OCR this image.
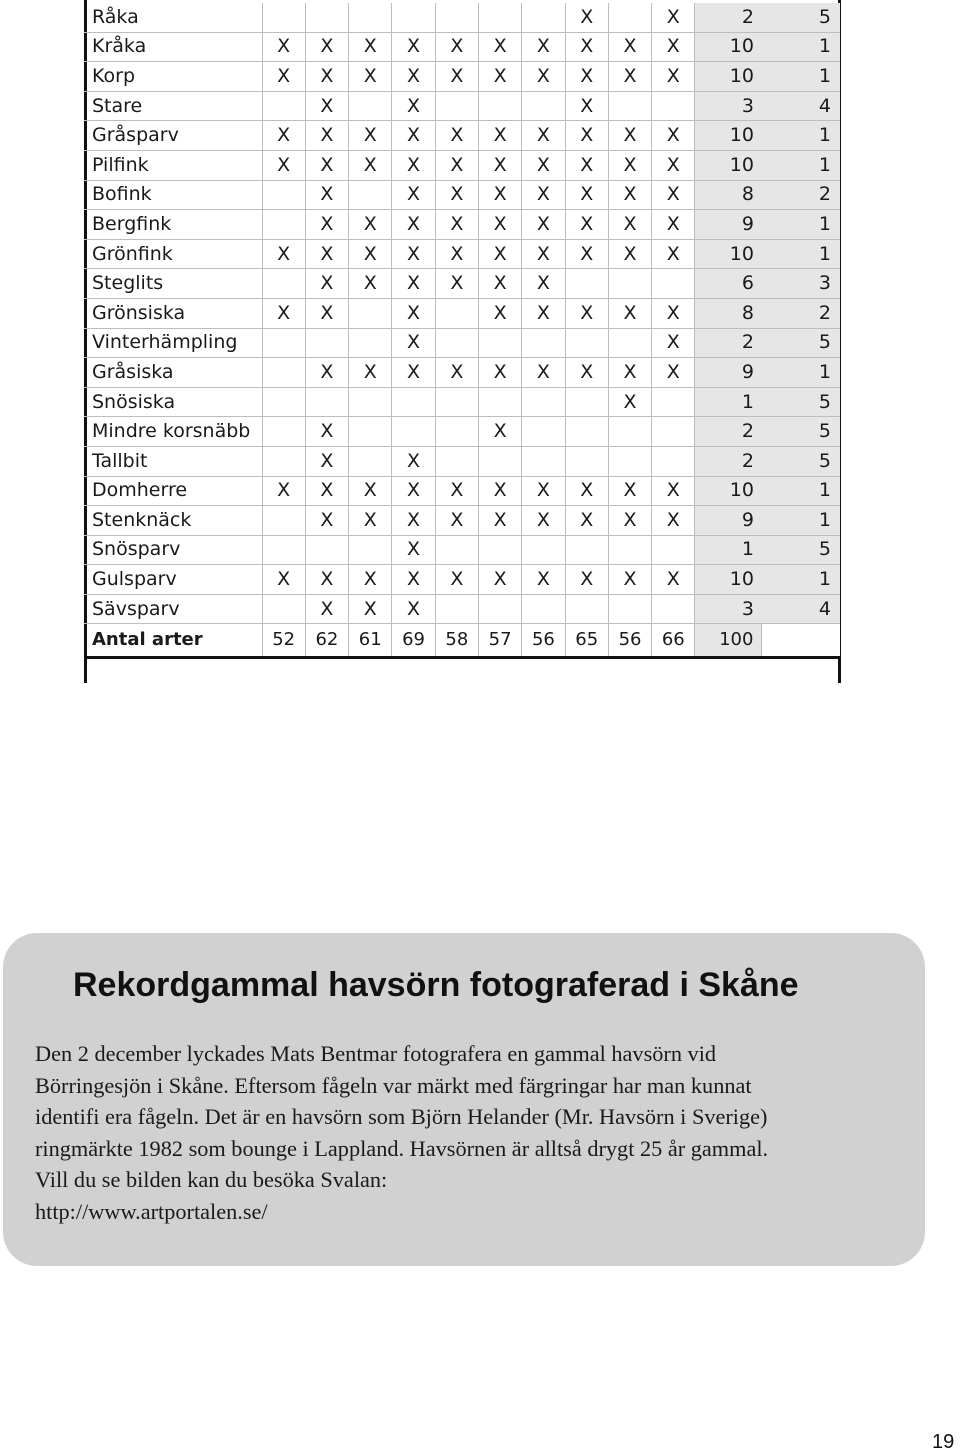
Råka								X		X	2	5
Kråka	X	X	X	X	X	X	X	X	X	X	10	1
Korp	X	X	X	X	X	X	X	X	X	X	10	1
Stare		X		X				X			3	4
Gråsparv	X	X	X	X	X	X	X	X	X	X	10	1
Pilfink	X	X	X	X	X	X	X	X	X	X	10	1
Bofink		X		X	X	X	X	X	X	X	8	2
Bergfink		X	X	X	X	X	X	X	X	X	9	1
Grönfink	X	X	X	X	X	X	X	X	X	X	10	1
Steglits		X	X	X	X	X	X				6	3
Grönsiska	X	X		X		X	X	X	X	X	8	2
Vinterhämpling				X						X	2	5
Gråsiska		X	X	X	X	X	X	X	X	X	9	1
Snösiska									X		1	5
Mindre korsnäbb		X				X					2	5
Tallbit		X		X							2	5
Domherre	X	X	X	X	X	X	X	X	X	X	10	1
Stenknäck		X	X	X	X	X	X	X	X	X	9	1
Snösparv				X							1	5
Gulsparv	X	X	X	X	X	X	X	X	X	X	10	1
Sävsparv		X	X	X							3	4
Antal arter	52	62	61	69	58	57	56	65	56	66	100	
Rekordgammal havsörn fotograferad i Skåne
Den 2 december lyckades Mats Bentmar fotografera en gammal havsörn vid
Börringesjön i Skåne. Eftersom fågeln var märkt med färgringar har man kunnat
identifi era fågeln. Det är en havsörn som Björn Helander (Mr. Havsörn i Sverige)
ringmärkte 1982 som bounge i Lappland. Havsörnen är alltså drygt 25 år gammal.
Vill du se bilden kan du besöka Svalan:
http://www.artportalen.se/
19
